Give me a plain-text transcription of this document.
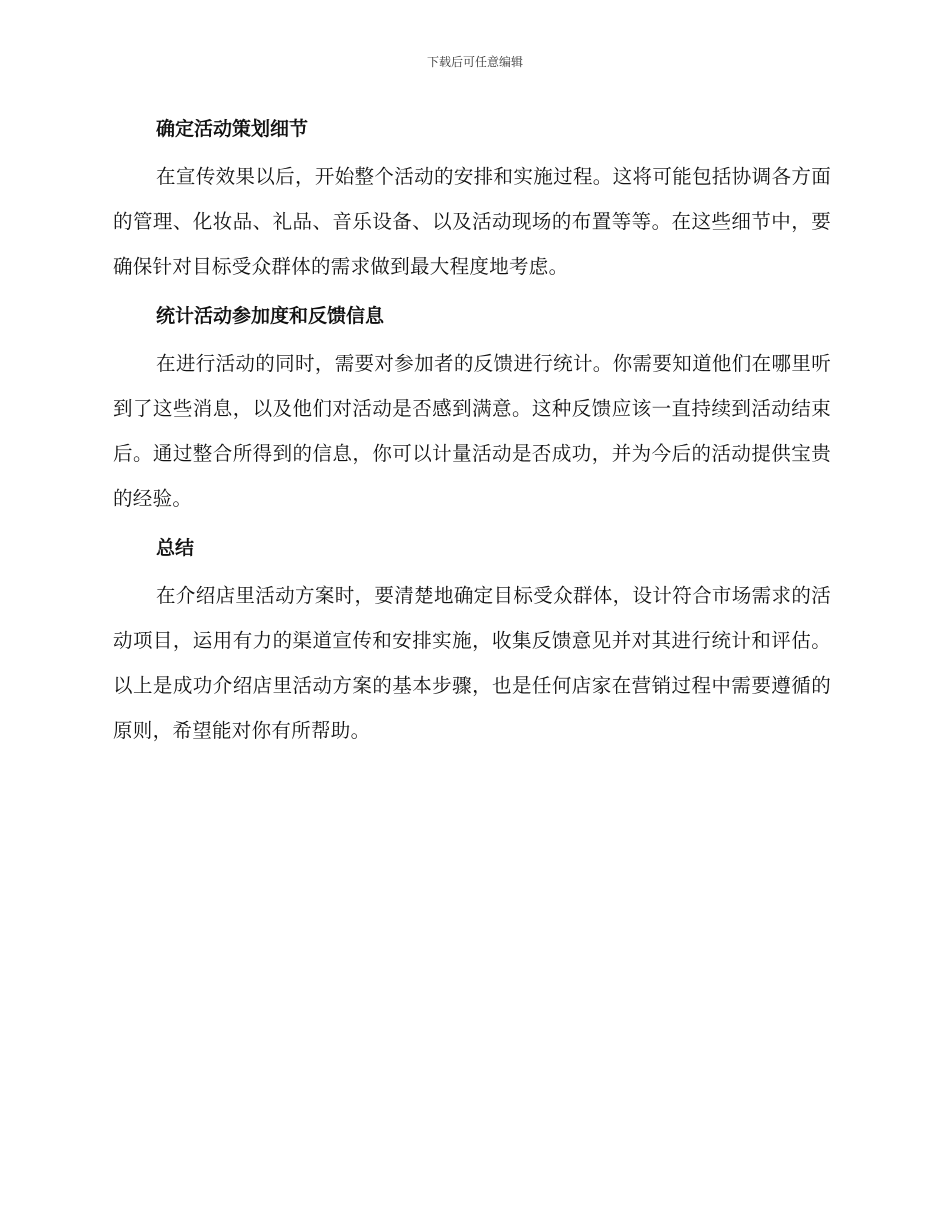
下载后可任意编辑
确定活动策划细节

在宣传效果以后，开始整个活动的安排和实施过程。这将可能包括协调各方面的管理、化妆品、礼品、音乐设备、以及活动现场的布置等等。在这些细节中，要确保针对目标受众群体的需求做到最大程度地考虑。

统计活动参加度和反馈信息

在进行活动的同时，需要对参加者的反馈进行统计。你需要知道他们在哪里听到了这些消息，以及他们对活动是否感到满意。这种反馈应该一直持续到活动结束后。通过整合所得到的信息，你可以计量活动是否成功，并为今后的活动提供宝贵的经验。

总结

在介绍店里活动方案时，要清楚地确定目标受众群体，设计符合市场需求的活动项目，运用有力的渠道宣传和安排实施，收集反馈意见并对其进行统计和评估。以上是成功介绍店里活动方案的基本步骤，也是任何店家在营销过程中需要遵循的原则，希望能对你有所帮助。
